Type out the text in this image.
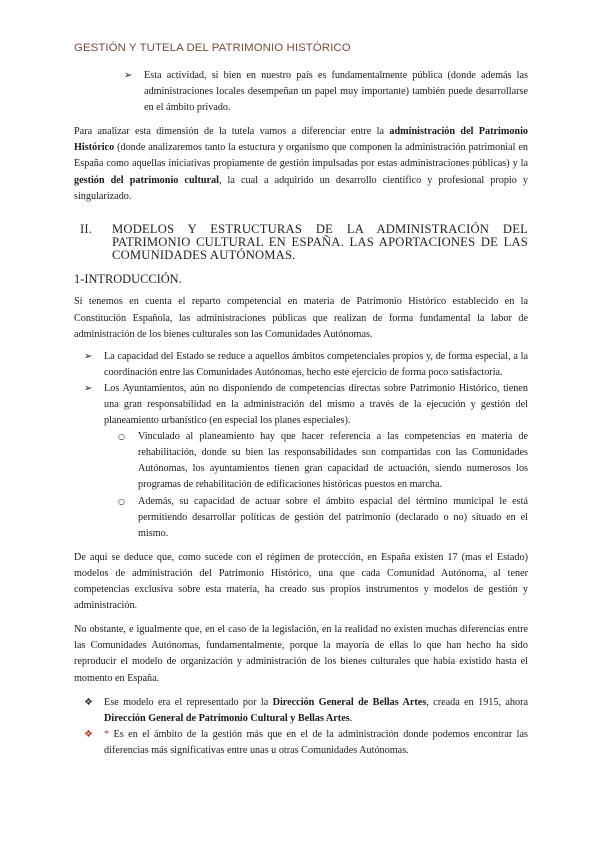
GESTIÓN Y TUTELA DEL PATRIMONIO HISTÓRICO
➢ Esta actividad, si bien en nuestro país es fundamentalmente pública (donde además las administraciones locales desempeñan un papel muy importante) también puede desarrollarse en el ámbito privado.

Para analizar esta dimensión de la tutela vamos a diferenciar entre la administración del Patrimonio Histórico (donde analizaremos tanto la estuctura y organismo que componen la administración patrimonial en España como aquellas iniciativas propiamente de gestión impulsadas por estas administraciones públicas) y la gestión del patrimonio cultural, la cual a adquirido un desarrollo científico y profesional propio y singularizado.

II. MODELOS Y ESTRUCTURAS DE LA ADMINISTRACIÓN DEL PATRIMONIO CULTURAL EN ESPAÑA. LAS APORTACIONES DE LAS COMUNIDADES AUTÓNOMAS.
1-INTRODUCCIÓN.

Si tenemos en cuenta el reparto competencial en materia de Patrimonio Histórico establecido en la Constitución Española, las administraciones públicas que realizan de forma fundamental la labor de administración de los bienes culturales son las Comunidades Autónomas.

➢ La capacidad del Estado se reduce a aquellos ámbitos competenciales propios y, de forma especial, a la coordinación entre las Comunidades Autónomas, hecho este ejercicio de forma poco satisfactoria.
➢ Los Ayuntamientos, aún no disponiendo de competencias directas sobre Patrimonio Histórico, tienen una gran responsabilidad en la administración del mismo a través de la ejecución y gestión del planeamiento urbanístico (en especial los planes especiales).
○ Vinculado al planeamiento hay que hacer referencia a las competencias en materia de rehabilitación, donde su bien las responsabilidades son compartidas con las Comunidades Autónomas, los ayuntamientos tienen gran capacidad de actuación, siendo numerosos los programas de rehabilitación de edificaciones históricas puestos en marcha.
○ Además, su capacidad de actuar sobre el ámbito espacial del término municipal le está permitiendo desarrollar políticas de gestión del patrimonio (declarado o no) situado en el mismo.

De aquí se deduce que, como sucede con el régimen de protección, en España existen 17 (mas el Estado) modelos de administración del Patrimonio Histórico, una que cada Comunidad Autónoma, al tener competencias exclusiva sobre esta materia, ha creado sus propios instrumentos y modelos de gestión y administración.

No obstante, e igualmente que, en el caso de la legislación, en la realidad no existen muchas diferencias entre las Comunidades Autónomas, fundamentalmente, porque la mayoría de ellas lo que han hecho ha sido reproducir el modelo de organización y administración de los bienes culturales que había existido hasta el momento en España.

❖ Ese modelo era el representado por la Dirección General de Bellas Artes, creada en 1915, ahora Dirección General de Patrimonio Cultural y Bellas Artes.
❖ * Es en el ámbito de la gestión más que en el de la administración donde podemos encontrar las diferencias más significativas entre unas u otras Comunidades Autónomas.
